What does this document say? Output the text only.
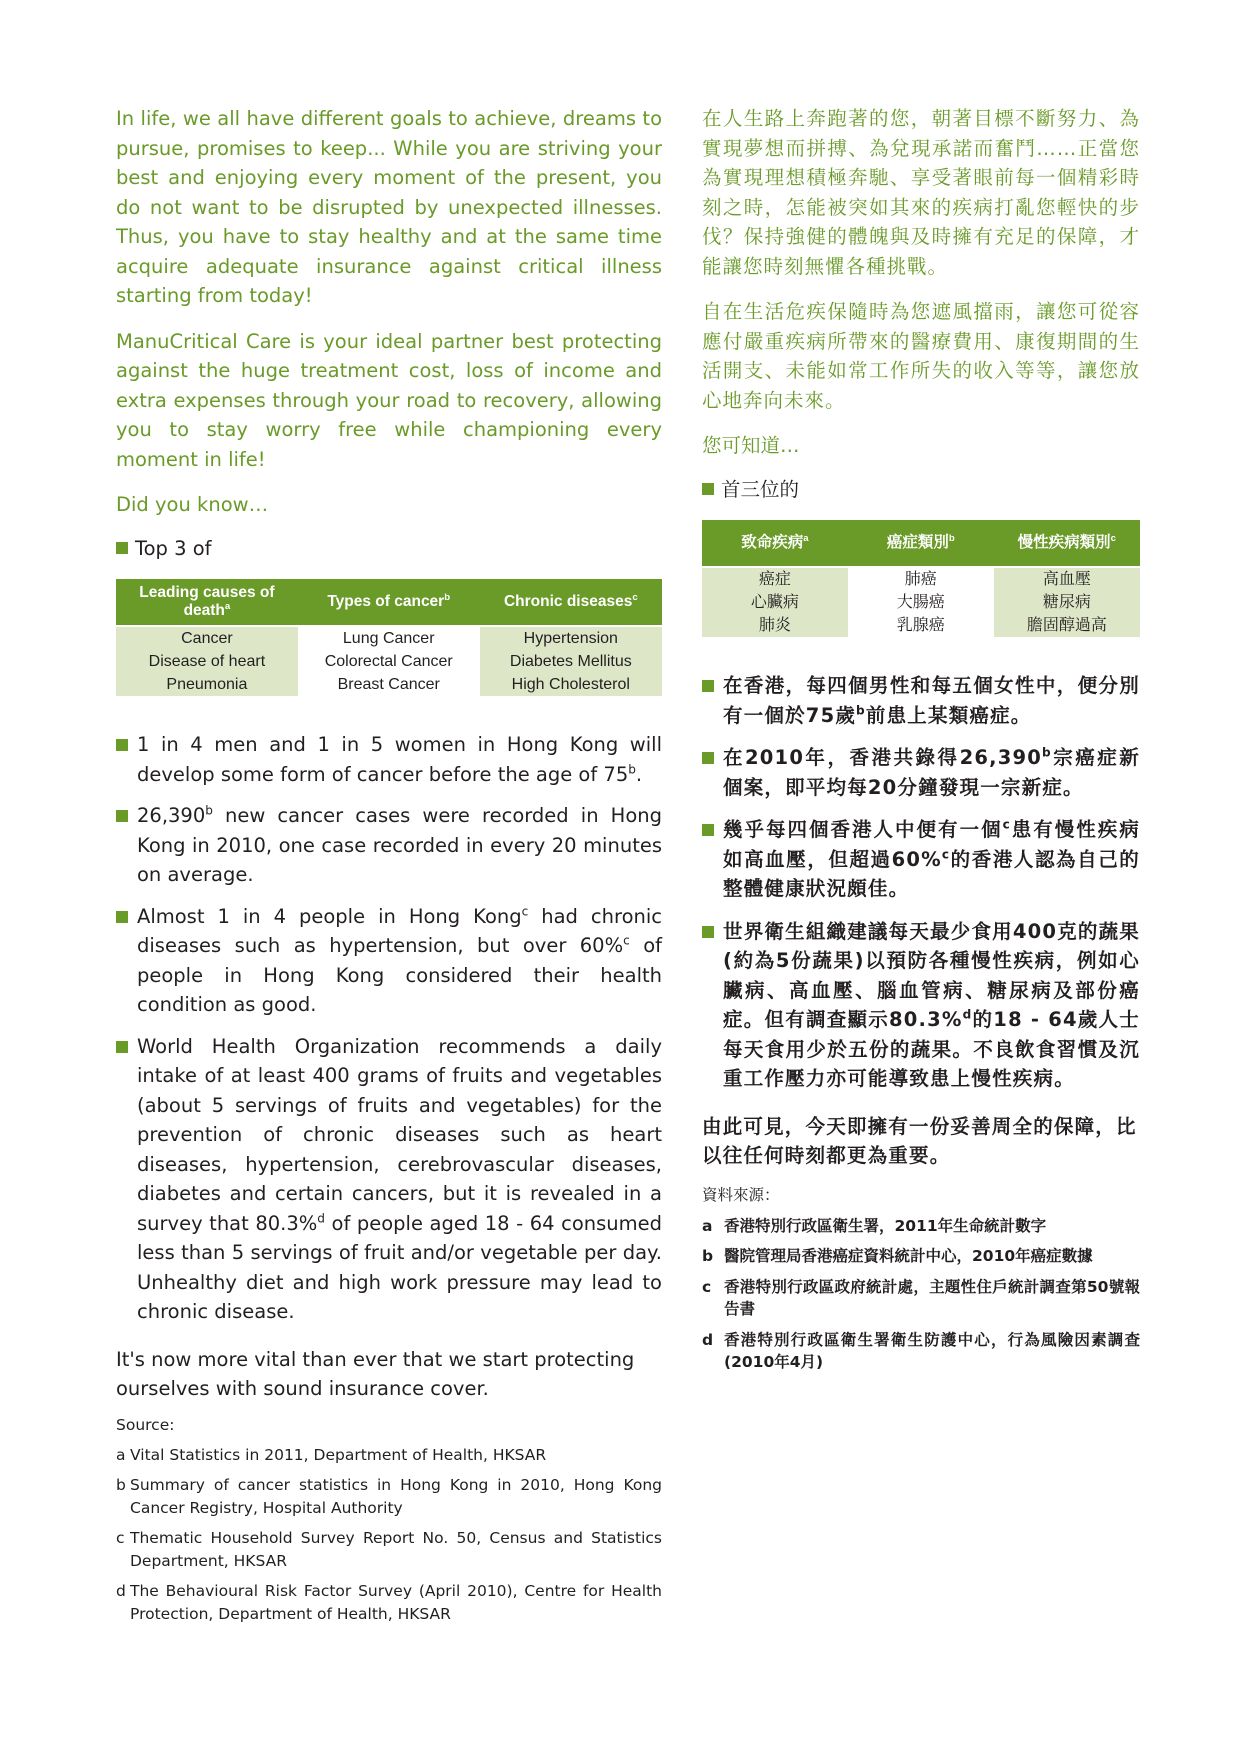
In life, we all have different goals to achieve, dreams to pursue, promises to keep... While you are striving your best and enjoying every moment of the present, you do not want to be disrupted by unexpected illnesses. Thus, you have to stay healthy and at the same time acquire adequate insurance against critical illness starting from today!

ManuCritical Care is your ideal partner best protecting against the huge treatment cost, loss of income and extra expenses through your road to recovery, allowing you to stay worry free while championing every moment in life!

Did you know…
Top 3 of
Leading causes of death$^a$	Types of cancer$^b$	Chronic diseases$^c$
Cancer	Lung Cancer	Hypertension
Disease of heart	Colorectal Cancer	Diabetes Mellitus
Pneumonia	Breast Cancer	High Cholesterol
1 in 4 men and 1 in 5 women in Hong Kong will develop some form of cancer before the age of 75$^b$.
26,390$^b$ new cancer cases were recorded in Hong Kong in 2010, one case recorded in every 20 minutes on average.
Almost 1 in 4 people in Hong Kong$^c$ had chronic diseases such as hypertension, but over 60%$^c$ of people in Hong Kong considered their health condition as good.
World Health Organization recommends a daily intake of at least 400 grams of fruits and vegetables (about 5 servings of fruits and vegetables) for the prevention of chronic diseases such as heart diseases, hypertension, cerebrovascular diseases, diabetes and certain cancers, but it is revealed in a survey that 80.3%$^d$ of people aged 18 - 64 consumed less than 5 servings of fruit and/or vegetable per day. Unhealthy diet and high work pressure may lead to chronic disease.

It's now more vital than ever that we start protecting ourselves with sound insurance cover.

Source:
a Vital Statistics in 2011, Department of Health, HKSAR
b Summary of cancer statistics in Hong Kong in 2010, Hong Kong Cancer Registry, Hospital Authority
c Thematic Household Survey Report No. 50, Census and Statistics Department, HKSAR
d The Behavioural Risk Factor Survey (April 2010), Centre for Health Protection, Department of Health, HKSAR

在人生路上奔跑著的您，朝著目標不斷努力、為實現夢想而拼搏、為兌現承諾而奮鬥……正當您為實現理想積極奔馳、享受著眼前每一個精彩時刻之時，怎能被突如其來的疾病打亂您輕快的步伐？保持強健的體魄與及時擁有充足的保障，才能讓您時刻無懼各種挑戰。

自在生活危疾保隨時為您遮風擋雨，讓您可從容應付嚴重疾病所帶來的醫療費用、康復期間的生活開支、未能如常工作所失的收入等等，讓您放心地奔向未來。

您可知道…
首三位的
致命疾病$^a$	癌症類別$^b$	慢性疾病類別$^c$
癌症	肺癌	高血壓
心臟病	大腸癌	糖尿病
肺炎	乳腺癌	膽固醇過高
在香港，每四個男性和每五個女性中，便分別有一個於75歲$^b$前患上某類癌症。
在2010年，香港共錄得26,390$^b$宗癌症新個案，即平均每20分鐘發現一宗新症。
幾乎每四個香港人中便有一個$^c$患有慢性疾病如高血壓，但超過60%$^c$的香港人認為自己的整體健康狀況頗佳。
世界衛生組織建議每天最少食用400克的蔬果(約為5份蔬果)以預防各種慢性疾病，例如心臟病、高血壓、腦血管病、糖尿病及部份癌症。但有調查顯示80.3%$^d$的18 - 64歲人士每天食用少於五份的蔬果。不良飲食習慣及沉重工作壓力亦可能導致患上慢性疾病。

由此可見，今天即擁有一份妥善周全的保障，比以往任何時刻都更為重要。

資料來源：
a 香港特別行政區衛生署，2011年生命統計數字
b 醫院管理局香港癌症資料統計中心，2010年癌症數據
c 香港特別行政區政府統計處，主題性住戶統計調查第50號報告書
d 香港特別行政區衛生署衛生防護中心，行為風險因素調查(2010年4月)
